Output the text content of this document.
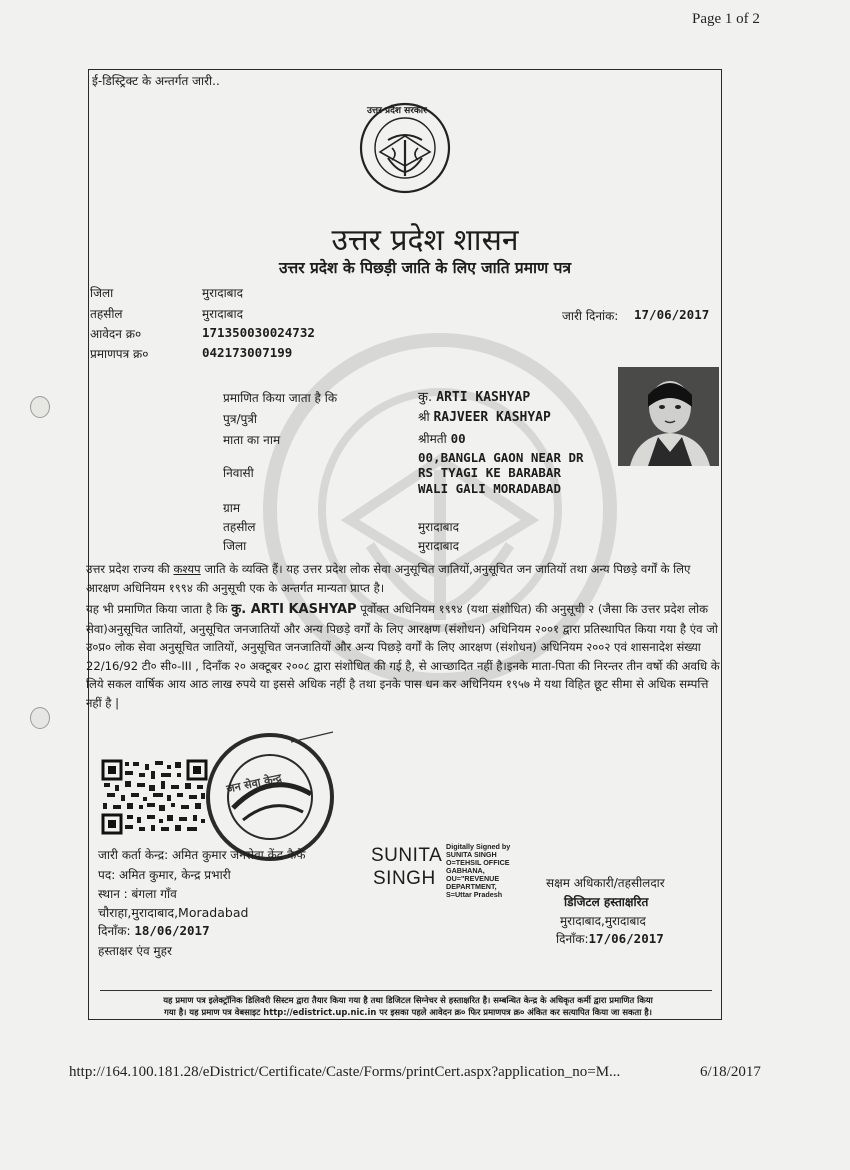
Page 1 of 2
ई-डिस्ट्रिक्ट के अन्तर्गत जारी..
उत्तर प्रदेश सरकार
उत्तर प्रदेश शासन
उत्तर प्रदेश के पिछड़ी जाति के लिए जाति प्रमाण पत्र
जिला	मुरादाबाद
तहसील	मुरादाबाद
आवेदन क्र०	171350030024732
प्रमाणपत्र क्र०	042173007199
जारी दिनांक: 17/06/2017
प्रमाणित किया जाता है कि	कु. ARTI KASHYAP
पुत्र/पुत्री	श्री RAJVEER KASHYAP
माता का नाम	श्रीमती 00
निवासी
00,BANGLA GAON NEAR DR
RS TYAGI KE BARABAR
WALI GALI MORADABAD
ग्राम
तहसील	मुरादाबाद
जिला	मुरादाबाद
उत्तर प्रदेश राज्य की कश्यप जाति के व्यक्ति हैं। यह उत्तर प्रदेश लोक सेवा अनुसूचित जातियों,अनुसूचित जन जातियों तथा अन्य पिछड़े वर्गों के लिए आरक्षण अधिनियम १९९४ की अनुसूची एक के अन्तर्गत मान्यता प्राप्त है।
यह भी प्रमाणित किया जाता है कि कु. ARTI KASHYAP पूर्वोक्त अधिनियम १९९४ (यथा संशोधित) की अनुसूची २ (जैसा कि उत्तर प्रदेश लोक सेवा)अनुसूचित जातियों, अनुसूचित जनजातियों और अन्य पिछड़े वर्गों के लिए आरक्षण (संशोधन) अधिनियम २००१ द्वारा प्रतिस्थापित किया गया है एंव जो उ०प्र० लोक सेवा अनुसूचित जातियों, अनुसूचित जनजातियों और अन्य पिछड़े वर्गों के लिए आरक्षण (संशोधन) अधिनियम २००२ एवं शासनादेश संख्या 22/16/92 टी० सी०-III , दिनाँक २० अक्टूबर २००८ द्वारा संशोधित की गई है, से आच्छादित नहीं है।इनके माता-पिता की निरन्तर तीन वर्षो की अवधि के लिये सकल वार्षिक आय आठ लाख रुपये या इससे अधिक नहीं है तथा इनके पास धन कर अधिनियम १९५७ मे यथा विहित छूट सीमा से अधिक सम्पत्ति नहीं है |
जन सेवा केन्द्र
जारी कर्ता केन्द्र: अमित कुमार जनसेवा केंद्र कैफे
पद: अमित कुमार, केन्द्र प्रभारी
स्थान : बंगला गाँव
चौराहा,मुरादाबाद,Moradabad
दिनाँक: 18/06/2017
हस्ताक्षर एंव मुहर
SUNITA
SINGH
Digitally Signed by
SUNITA SINGH
O=TEHSIL OFFICE
GABHANA,
OU="REVENUE
DEPARTMENT,
S=Uttar Pradesh
सक्षम अधिकारी/तहसीलदार
डिजिटल हस्ताक्षरित
मुरादाबाद,मुरादाबाद
दिनाँक:17/06/2017
यह प्रमाण पत्र इलेक्ट्रॉनिक डिलिवरी सिस्टम द्वारा तैयार किया गया है तथा डिजिटल सिग्नेचर से हस्ताक्षरित है। सम्बन्धित केन्द्र के अधिकृत कर्मी द्वारा प्रमाणित किया
गया है। यह प्रमाण पत्र वेबसाइट http://edistrict.up.nic.in पर इसका पहले आवेदन क्र० फिर प्रमाणपत्र क्र० अंकित कर सत्यापित किया जा सकता है।
http://164.100.181.28/eDistrict/Certificate/Caste/Forms/printCert.aspx?application_no=M...	6/18/2017
